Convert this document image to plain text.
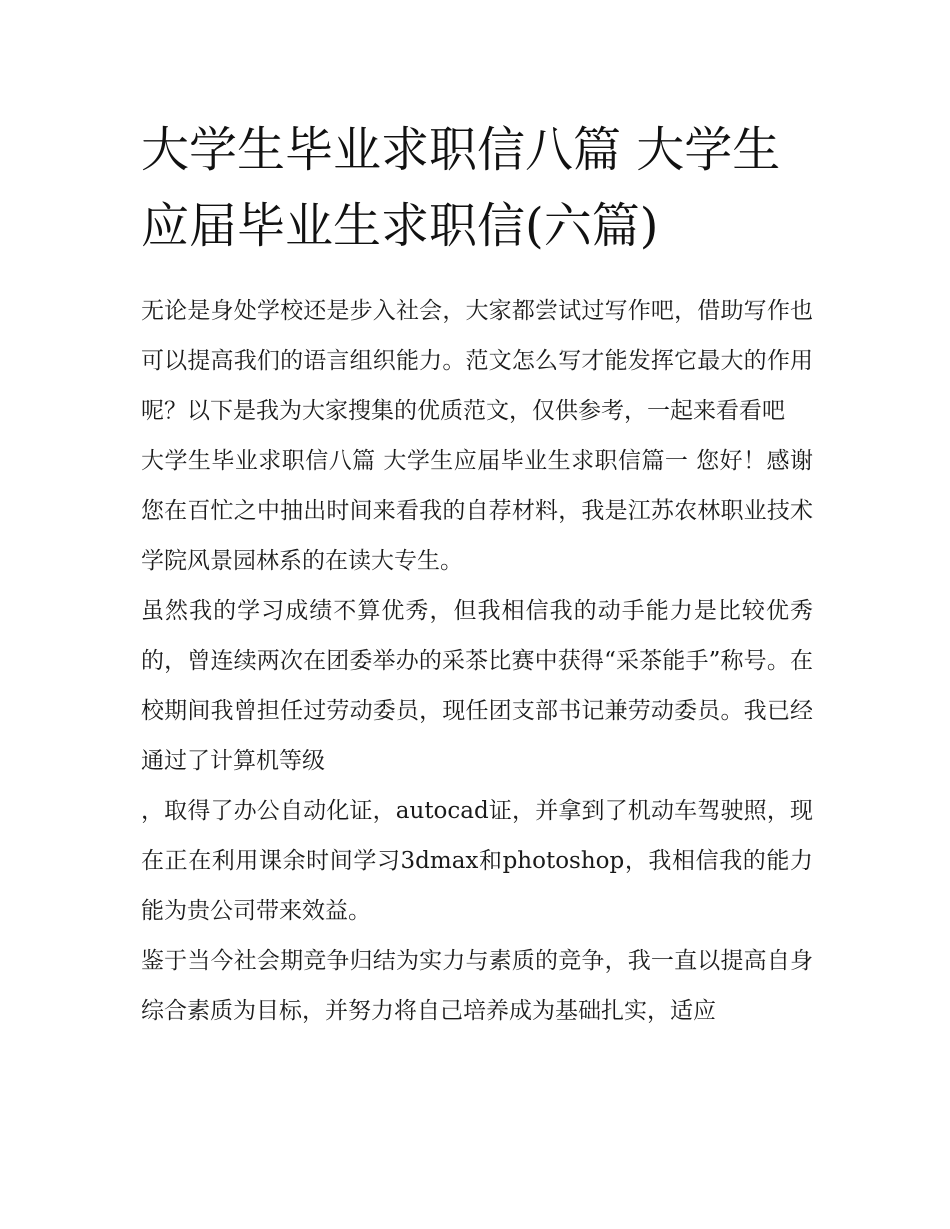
大学生毕业求职信八篇 大学生应届毕业生求职信(六篇)

无论是身处学校还是步入社会，大家都尝试过写作吧，借助写作也可以提高我们的语言组织能力。范文怎么写才能发挥它最大的作用呢？以下是我为大家搜集的优质范文，仅供参考，一起来看看吧

大学生毕业求职信八篇 大学生应届毕业生求职信篇一 您好！感谢您在百忙之中抽出时间来看我的自荐材料，我是江苏农林职业技术学院风景园林系的在读大专生。

虽然我的学习成绩不算优秀，但我相信我的动手能力是比较优秀的，曾连续两次在团委举办的采茶比赛中获得“采茶能手”称号。在校期间我曾担任过劳动委员，现任团支部书记兼劳动委员。我已经通过了计算机等级

，取得了办公自动化证，autocad证，并拿到了机动车驾驶照，现在正在利用课余时间学习3dmax和photoshop，我相信我的能力能为贵公司带来效益。

鉴于当今社会期竞争归结为实力与素质的竞争，我一直以提高自身综合素质为目标，并努力将自己培养成为基础扎实，适应
